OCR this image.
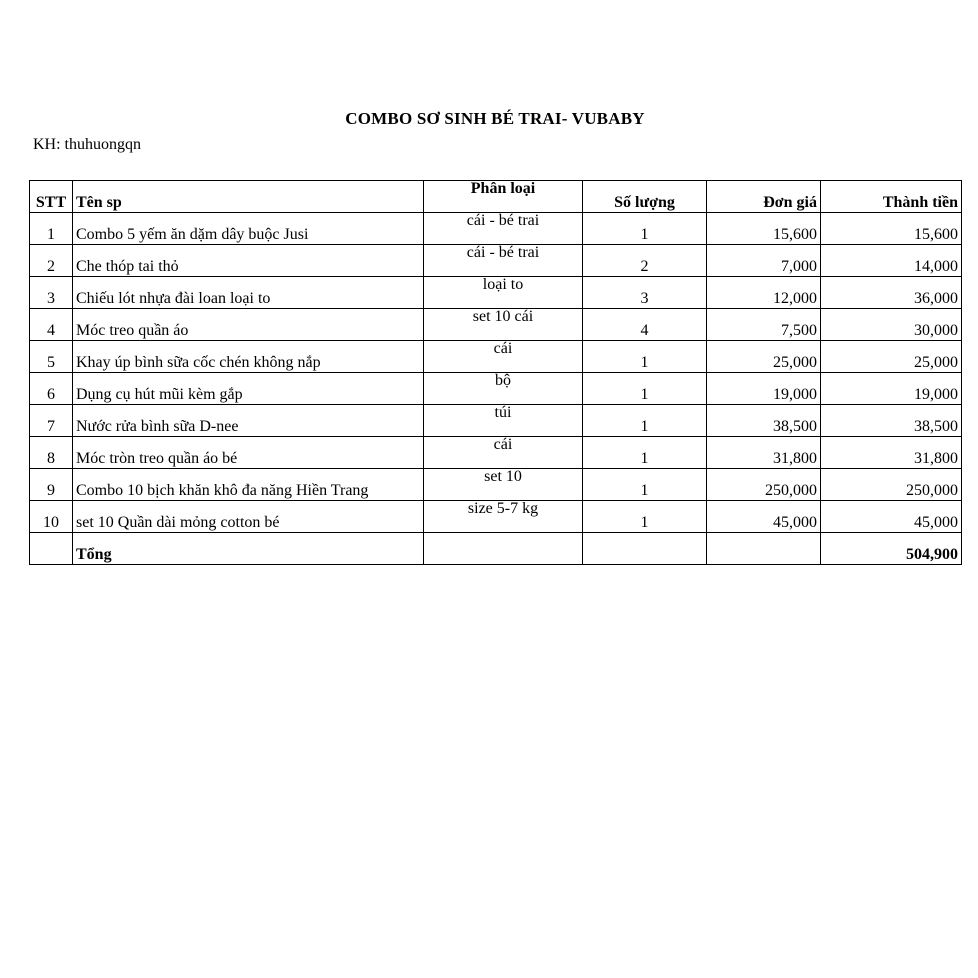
COMBO SƠ SINH BÉ TRAI- VUBABY
KH: thuhuongqn
STT	Tên sp	Phân loại	Số lượng	Đơn giá	Thành tiền
1	Combo 5 yếm ăn dặm dây buộc Jusi	cái - bé trai	1	15,600	15,600
2	Che thóp tai thỏ	cái - bé trai	2	7,000	14,000
3	Chiếu lót nhựa đài loan loại to	loại to	3	12,000	36,000
4	Móc treo quần áo	set 10 cái	4	7,500	30,000
5	Khay úp bình sữa cốc chén không nắp	cái	1	25,000	25,000
6	Dụng cụ hút mũi kèm gắp	bộ	1	19,000	19,000
7	Nước rửa bình sữa D-nee	túi	1	38,500	38,500
8	Móc tròn treo quần áo bé	cái	1	31,800	31,800
9	Combo 10 bịch khăn khô đa năng Hiền Trang	set 10	1	250,000	250,000
10	set 10 Quần dài mỏng cotton bé	size 5-7 kg	1	45,000	45,000
	Tổng				504,900
